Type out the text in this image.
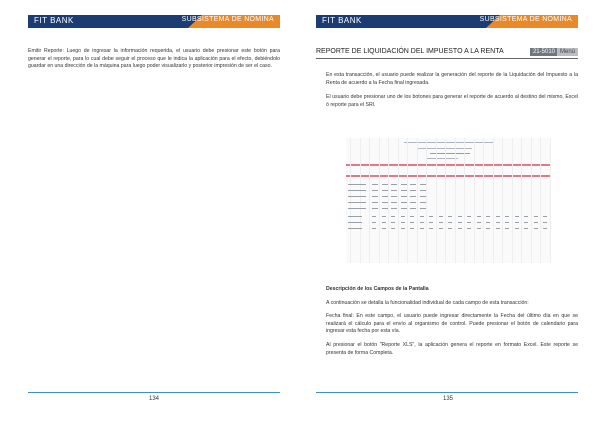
FIT BANK	SUBSISTEMA DE NÓMINA
Emitir Reporte: Luego de ingresar la información requerida, el usuario debe presionar este botón para generar el reporte, para lo cual debe seguir el proceso que le indica la aplicación para el efecto, debiéndolo guardar en una dirección de la máquina para luego poder visualizarlo y posterior impresión de ser el caso.
134
FIT BANK	SUBSISTEMA DE NÓMINA
REPORTE DE LIQUIDACIÓN DEL IMPUESTO A LA RENTA	21-5010 Menú
En esta transacción, el usuario puede realizar la generación del reporte de la Liquidación del Impuesto a la Renta de acuerdo a la Fecha final ingresada.
El usuario debe presionar uno de los botones para generar el reporte de acuerdo al destino del mismo, Excel ó reporte para el SRI.
Descripción de los Campos de la Pantalla
A continuación se detalla la funcionalidad individual de cada campo de esta transacción:
Fecha final: En este campo, el usuario puede ingresar directamente la Fecha del último día en que se realizará el cálculo para el envío al organismo de control. Puede presionar el botón de calendario para ingresar esta fecha por esta vía.
Al presionar el botón "Reporte XLS", la aplicación genera el reporte en formato Excel. Este reporte se presenta de forma Completa.
135
